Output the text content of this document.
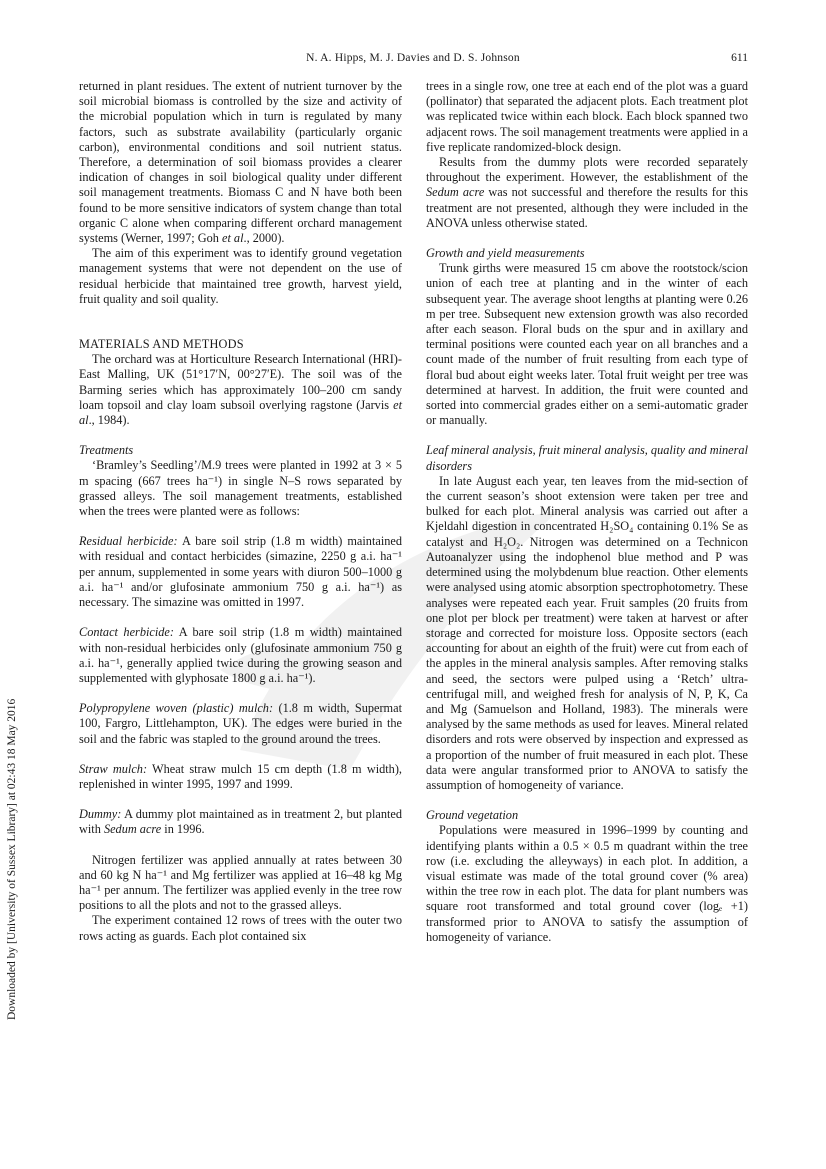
N. A. Hipps, M. J. Davies and D. S. Johnson	611
Downloaded by [University of Sussex Library] at 02:43 18 May 2016

returned in plant residues. The extent of nutrient turnover by the soil microbial biomass is controlled by the size and activity of the microbial population which in turn is regulated by many factors, such as substrate availability (particularly organic carbon), environmental conditions and soil nutrient status. Therefore, a determination of soil biomass provides a clearer indication of changes in soil biological quality under different soil management treatments. Biomass C and N have both been found to be more sensitive indicators of system change than total organic C alone when comparing different orchard management systems (Werner, 1997; Goh et al., 2000).

The aim of this experiment was to identify ground vegetation management systems that were not dependent on the use of residual herbicide that maintained tree growth, harvest yield, fruit quality and soil quality.

MATERIALS AND METHODS

The orchard was at Horticulture Research International (HRI)-East Malling, UK (51°17′N, 00°27′E). The soil was of the Barming series which has approximately 100–200 cm sandy loam topsoil and clay loam subsoil overlying ragstone (Jarvis et al., 1984).

Treatments

‘Bramley’s Seedling’/M.9 trees were planted in 1992 at 3 × 5 m spacing (667 trees ha⁻¹) in single N–S rows separated by grassed alleys. The soil management treatments, established when the trees were planted were as follows:

Residual herbicide: A bare soil strip (1.8 m width) maintained with residual and contact herbicides (simazine, 2250 g a.i. ha⁻¹ per annum, supplemented in some years with diuron 500–1000 g a.i. ha⁻¹ and/or glufosinate ammonium 750 g a.i. ha⁻¹) as necessary. The simazine was omitted in 1997.

Contact herbicide: A bare soil strip (1.8 m width) maintained with non-residual herbicides only (glufosinate ammonium 750 g a.i. ha⁻¹, generally applied twice during the growing season and supplemented with glyphosate 1800 g a.i. ha⁻¹).

Polypropylene woven (plastic) mulch: (1.8 m width, Supermat 100, Fargro, Littlehampton, UK). The edges were buried in the soil and the fabric was stapled to the ground around the trees.

Straw mulch: Wheat straw mulch 15 cm depth (1.8 m width), replenished in winter 1995, 1997 and 1999.

Dummy: A dummy plot maintained as in treatment 2, but planted with Sedum acre in 1996.

Nitrogen fertilizer was applied annually at rates between 30 and 60 kg N ha⁻¹ and Mg fertilizer was applied at 16–48 kg Mg ha⁻¹ per annum. The fertilizer was applied evenly in the tree row positions to all the plots and not to the grassed alleys.

The experiment contained 12 rows of trees with the outer two rows acting as guards. Each plot contained six

trees in a single row, one tree at each end of the plot was a guard (pollinator) that separated the adjacent plots. Each treatment plot was replicated twice within each block. Each block spanned two adjacent rows. The soil management treatments were applied in a five replicate randomized-block design.

Results from the dummy plots were recorded separately throughout the experiment. However, the establishment of the Sedum acre was not successful and therefore the results for this treatment are not presented, although they were included in the ANOVA unless otherwise stated.

Growth and yield measurements

Trunk girths were measured 15 cm above the rootstock/scion union of each tree at planting and in the winter of each subsequent year. The average shoot lengths at planting were 0.26 m per tree. Subsequent new extension growth was also recorded after each season. Floral buds on the spur and in axillary and terminal positions were counted each year on all branches and a count made of the number of fruit resulting from each type of floral bud about eight weeks later. Total fruit weight per tree was determined at harvest. In addition, the fruit were counted and sorted into commercial grades either on a semi-automatic grader or manually.

Leaf mineral analysis, fruit mineral analysis, quality and mineral disorders

In late August each year, ten leaves from the mid-section of the current season’s shoot extension were taken per tree and bulked for each plot. Mineral analysis was carried out after a Kjeldahl digestion in concentrated H₂SO₄ containing 0.1% Se as catalyst and H₂O₂. Nitrogen was determined on a Technicon Autoanalyzer using the indophenol blue method and P was determined using the molybdenum blue reaction. Other elements were analysed using atomic absorption spectrophotometry. These analyses were repeated each year. Fruit samples (20 fruits from one plot per block per treatment) were taken at harvest or after storage and corrected for moisture loss. Opposite sectors (each accounting for about an eighth of the fruit) were cut from each of the apples in the mineral analysis samples. After removing stalks and seed, the sectors were pulped using a ‘Retch’ ultra-centrifugal mill, and weighed fresh for analysis of N, P, K, Ca and Mg (Samuelson and Holland, 1983). The minerals were analysed by the same methods as used for leaves. Mineral related disorders and rots were observed by inspection and expressed as a proportion of the number of fruit measured in each plot. These data were angular transformed prior to ANOVA to satisfy the assumption of homogeneity of variance.

Ground vegetation

Populations were measured in 1996–1999 by counting and identifying plants within a 0.5 × 0.5 m quadrant within the tree row (i.e. excluding the alleyways) in each plot. In addition, a visual estimate was made of the total ground cover (% area) within the tree row in each plot. The data for plant numbers was square root transformed and total ground cover (logₑ +1) transformed prior to ANOVA to satisfy the assumption of homogeneity of variance.
